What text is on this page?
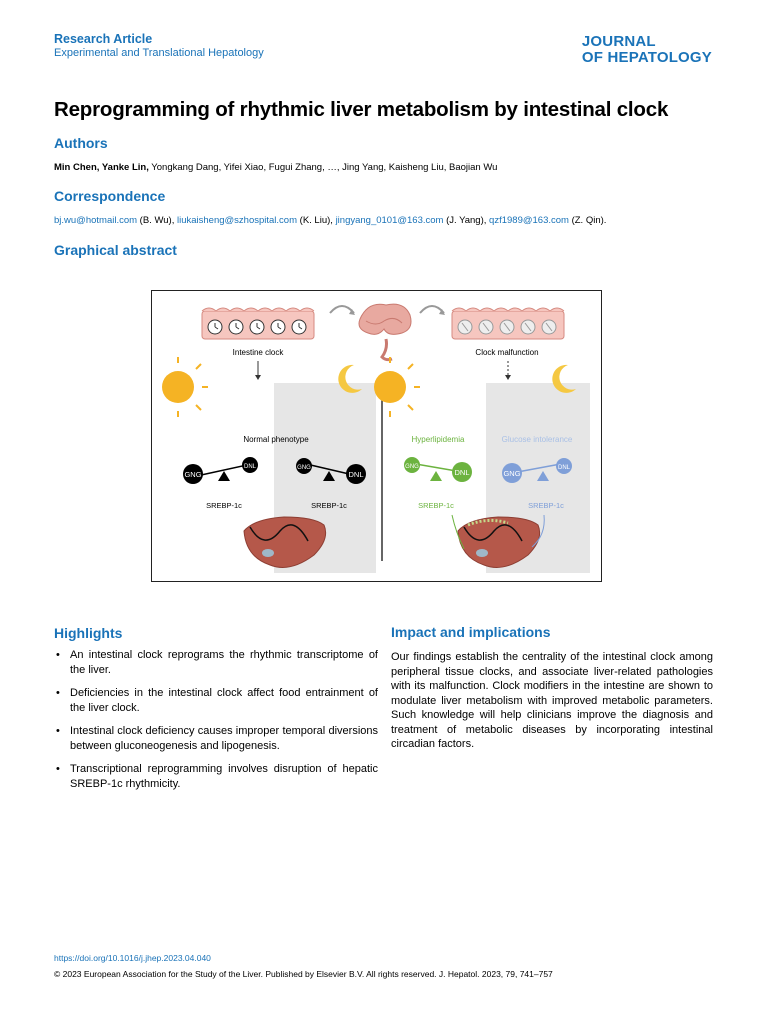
Research Article
Experimental and Translational Hepatology
JOURNAL
OF HEPATOLOGY
Reprogramming of rhythmic liver metabolism by intestinal clock
Authors
Min Chen, Yanke Lin, Yongkang Dang, Yifei Xiao, Fugui Zhang, …, Jing Yang, Kaisheng Liu, Baojian Wu
Correspondence
bj.wu@hotmail.com (B. Wu), liukaisheng@szhospital.com (K. Liu), jingyang_0101@163.com (J. Yang), qzf1989@163.com (Z. Qin).
Graphical abstract
Intestine clock	Clock malfunction
Normal phenotype
GNG
DNL
SREBP-1c
GNG
DNL
SREBP-1c
Hyperlipidemia	Glucose intolerance
GNG
DNL
SREBP-1c
GNG
DNL
SREBP-1c
Highlights
• An intestinal clock reprograms the rhythmic transcriptome of the liver.
• Deficiencies in the intestinal clock affect food entrainment of the liver clock.
• Intestinal clock deficiency causes improper temporal diversions between gluconeogenesis and lipogenesis.
• Transcriptional reprogramming involves disruption of hepatic SREBP-1c rhythmicity.
Impact and implications
Our findings establish the centrality of the intestinal clock among peripheral tissue clocks, and associate liver-related pathologies with its malfunction. Clock modifiers in the intestine are shown to modulate liver metabolism with improved metabolic parameters. Such knowledge will help clinicians improve the diagnosis and treatment of metabolic diseases by incorporating intestinal circadian factors.
https://doi.org/10.1016/j.jhep.2023.04.040
© 2023 European Association for the Study of the Liver. Published by Elsevier B.V. All rights reserved. J. Hepatol. 2023, 79, 741–757
